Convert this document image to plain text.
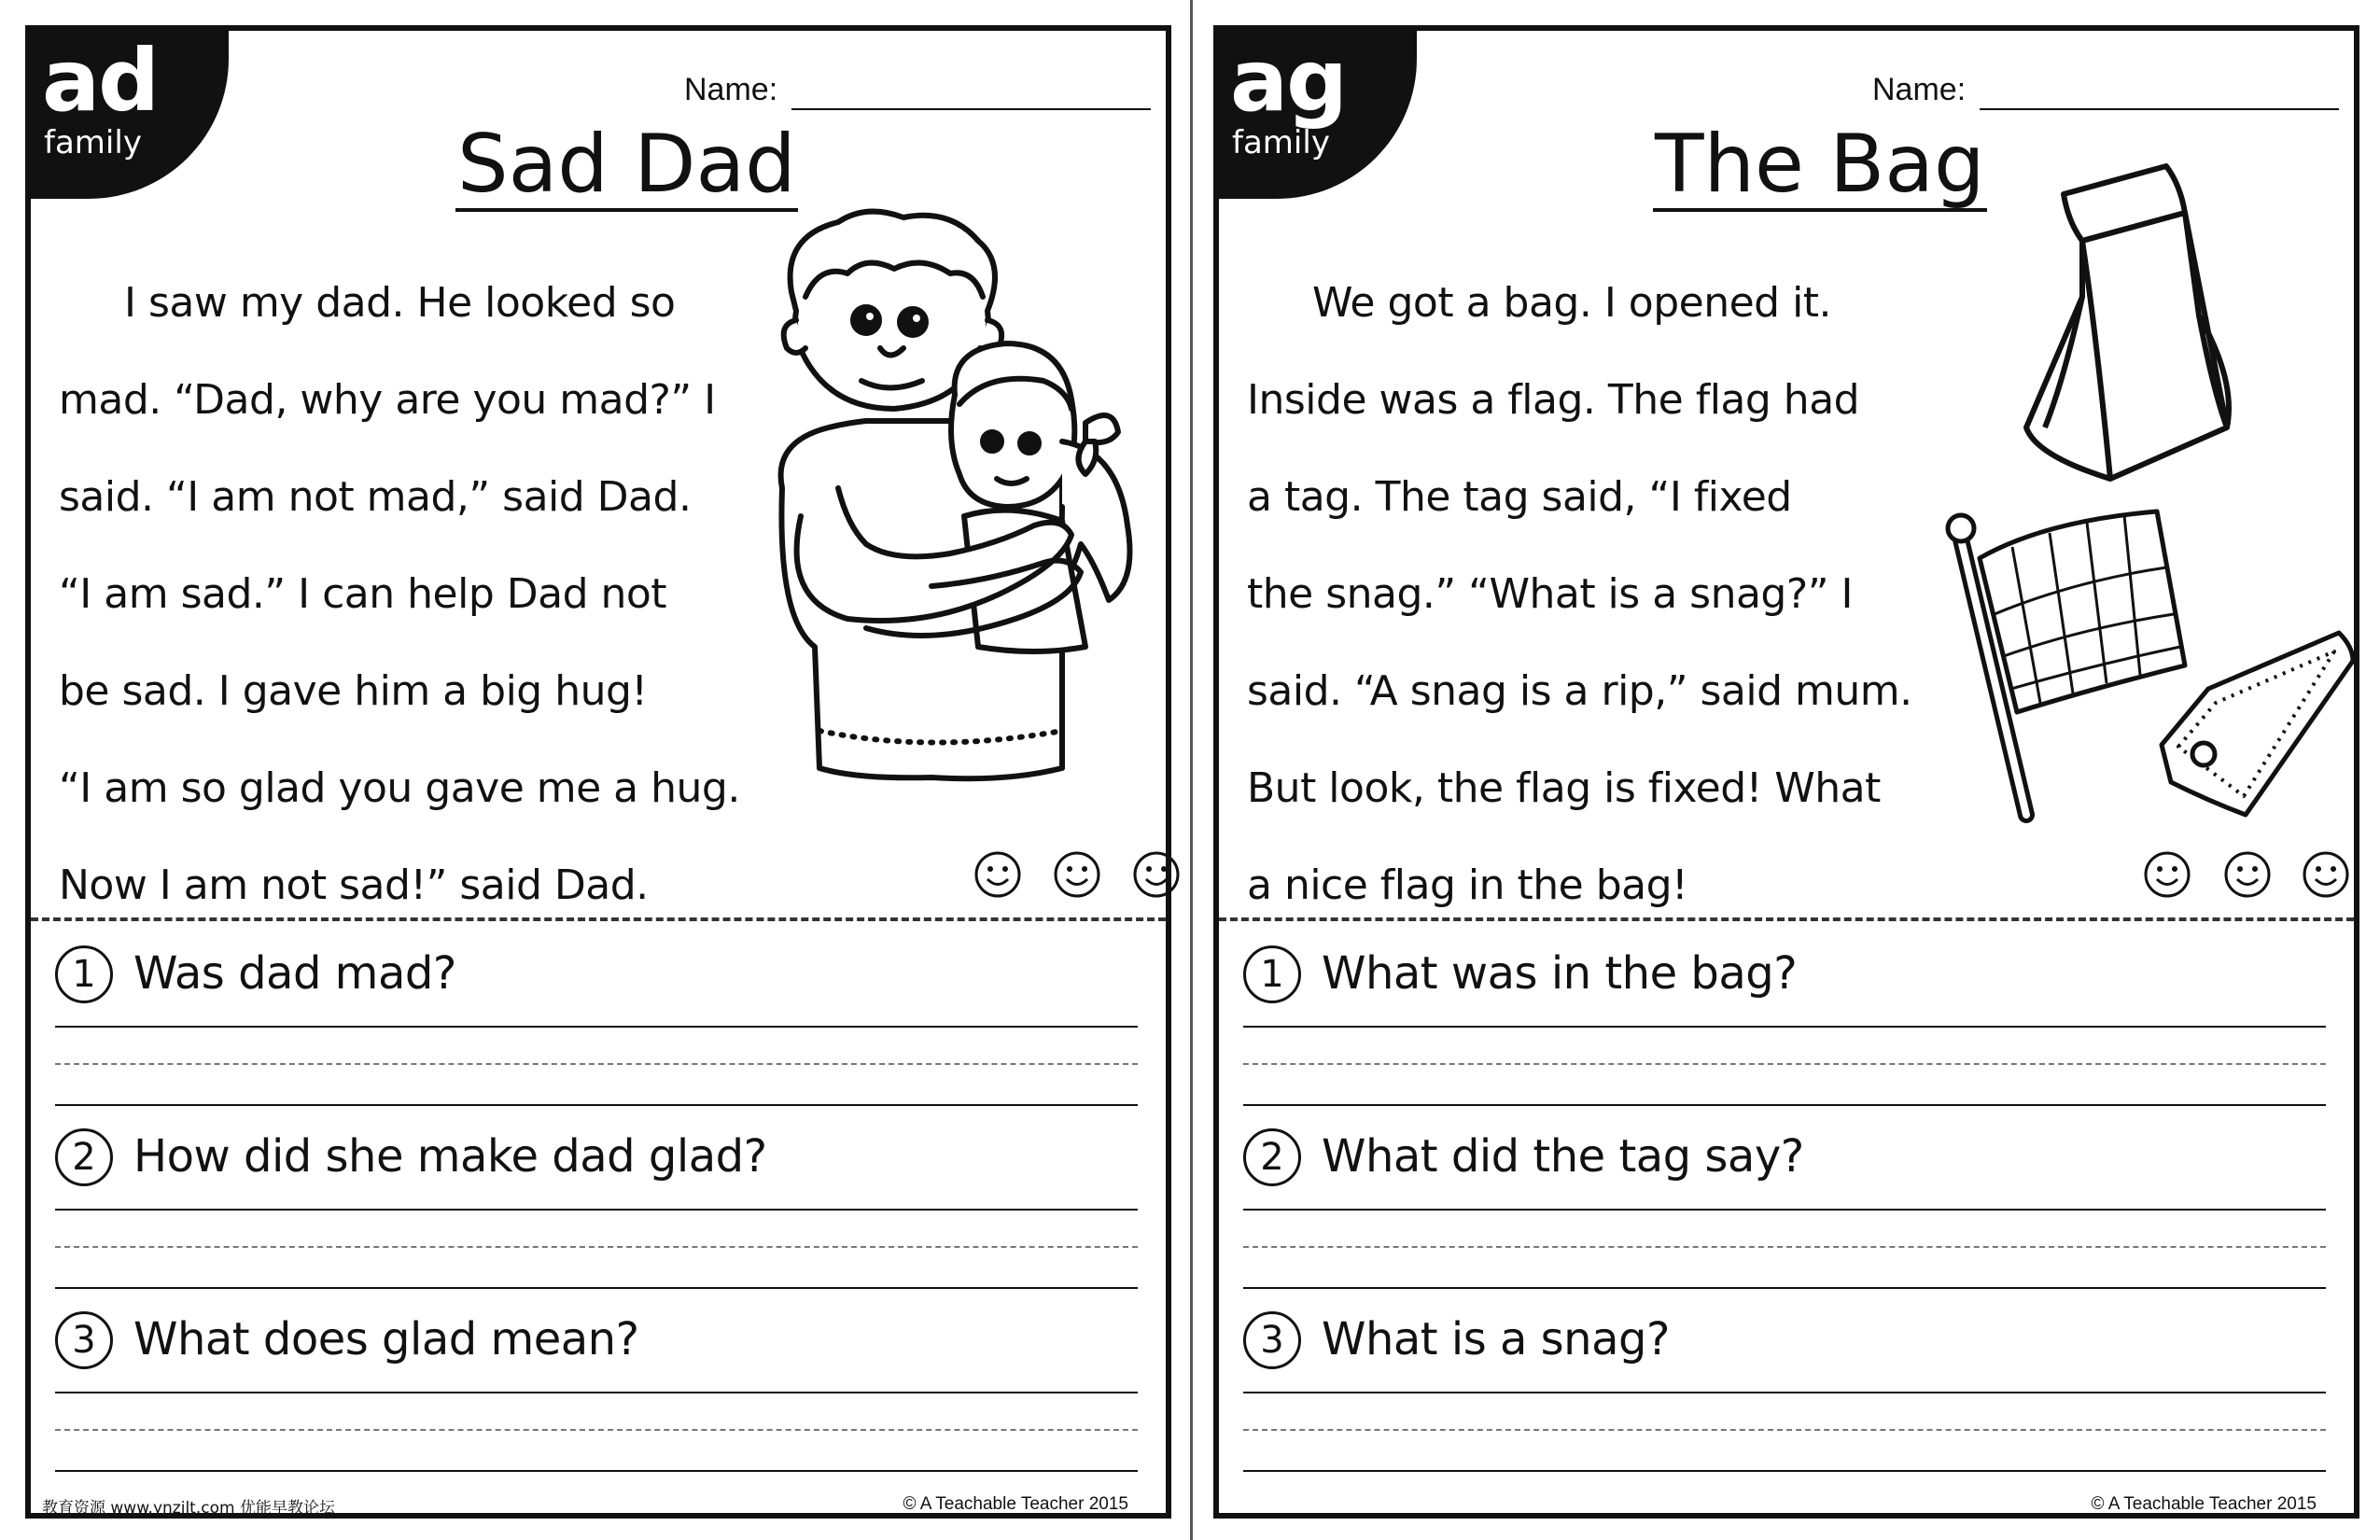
ad
family
Name:
Sad Dad
I saw my dad. He looked so
mad. “Dad, why are you mad?” I
said. “I am not mad,” said Dad.
“I am sad.” I can help Dad not
be sad. I gave him a big hug!
“I am so glad you gave me a hug.
Now I am not sad!” said Dad.
1 Was dad mad?
2 How did she make dad glad?
3 What does glad mean?
教育资源 www.ynzjlt.com 优能早教论坛	© A Teachable Teacher 2015
ag
family
Name:
The Bag
We got a bag. I opened it.
Inside was a flag. The flag had
a tag. The tag said, “I fixed
the snag.” “What is a snag?” I
said. “A snag is a rip,” said mum.
But look, the flag is fixed! What
a nice flag in the bag!
1 What was in the bag?
2 What did the tag say?
3 What is a snag?
© A Teachable Teacher 2015
